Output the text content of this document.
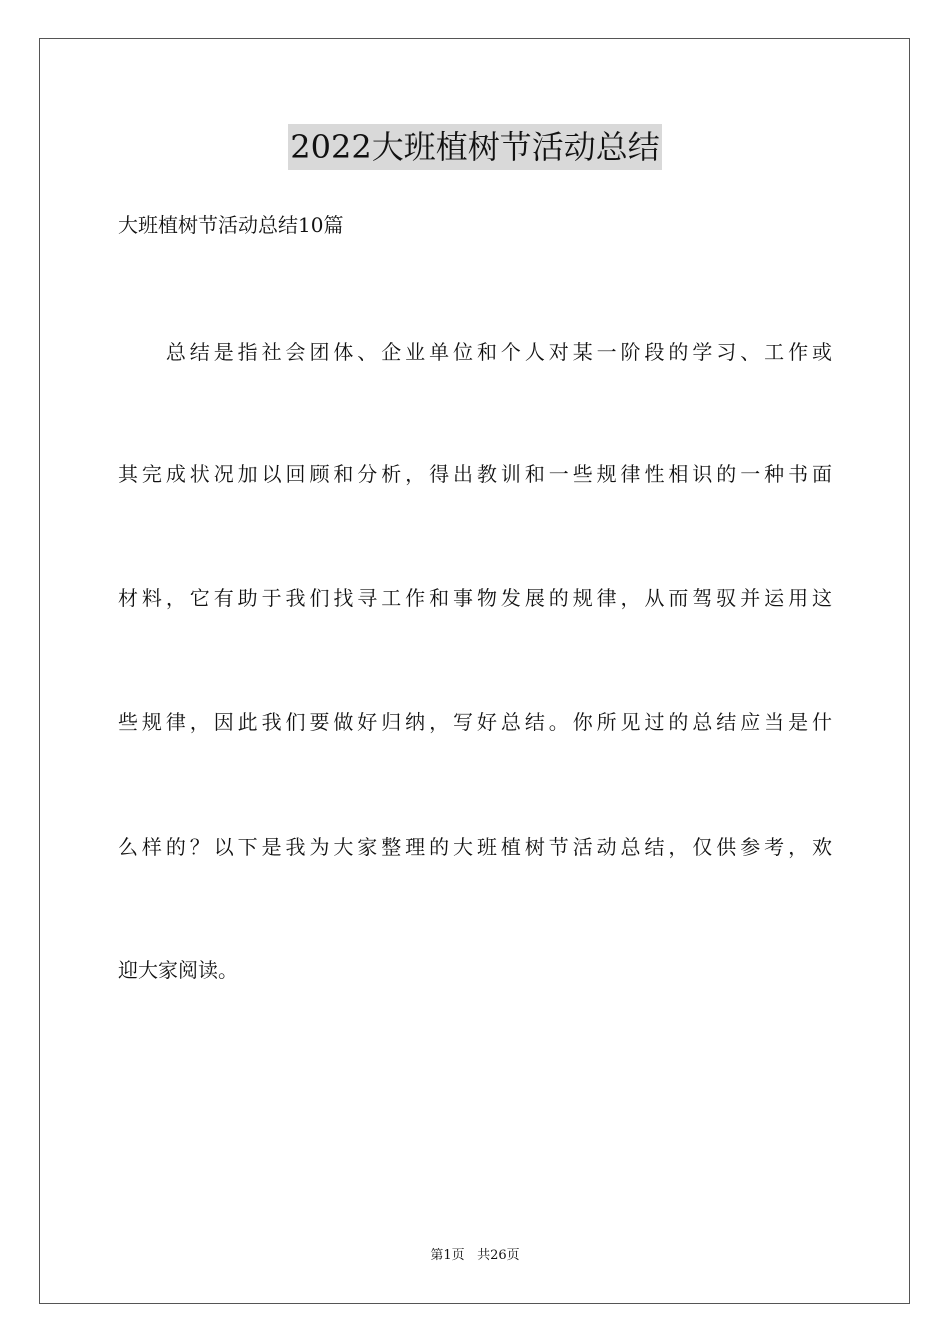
2022大班植树节活动总结
大班植树节活动总结10篇
　　总结是指社会团体、企业单位和个人对某一阶段的学习、工作或
其完成状况加以回顾和分析，得出教训和一些规律性相识的一种书面
材料，它有助于我们找寻工作和事物发展的规律，从而驾驭并运用这
些规律，因此我们要做好归纳，写好总结。你所见过的总结应当是什
么样的？以下是我为大家整理的大班植树节活动总结，仅供参考，欢
迎大家阅读。
第1页 共26页
